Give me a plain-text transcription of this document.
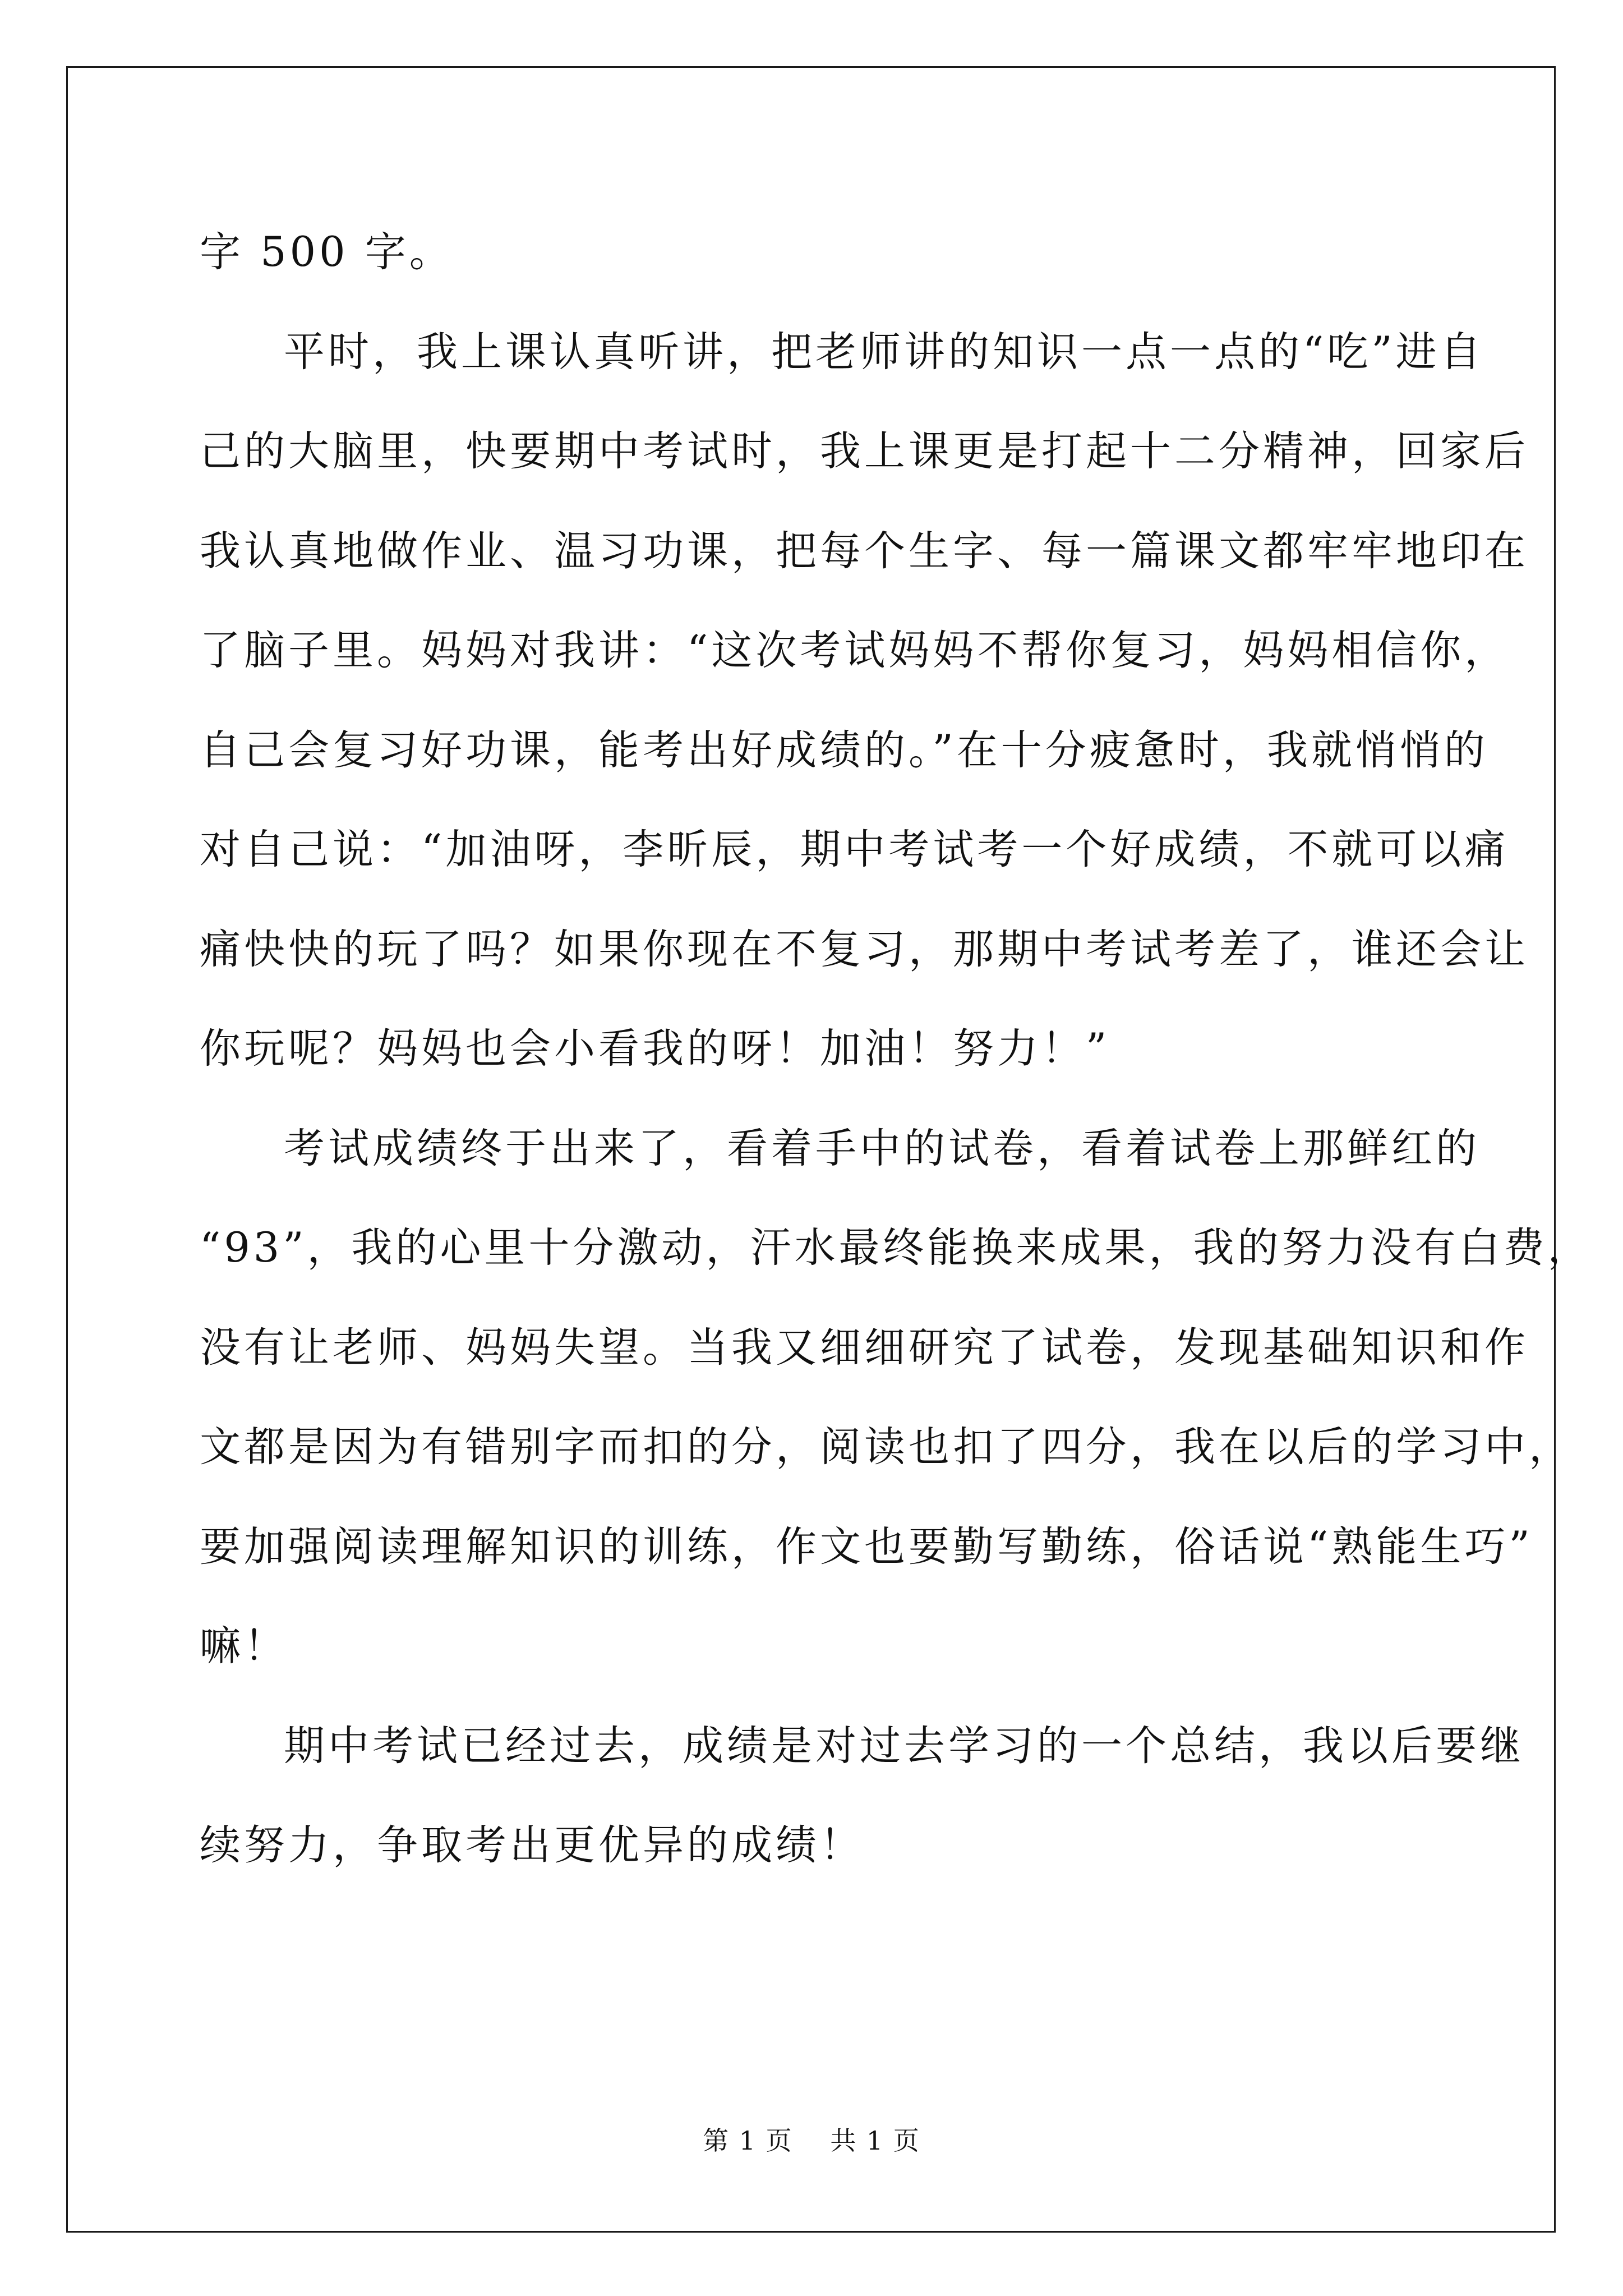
字 500 字。
平时，我上课认真听讲，把老师讲的知识一点一点的“吃”进自
己的大脑里，快要期中考试时，我上课更是打起十二分精神，回家后
我认真地做作业、温习功课，把每个生字、每一篇课文都牢牢地印在
了脑子里。妈妈对我讲：“这次考试妈妈不帮你复习，妈妈相信你，
自己会复习好功课，能考出好成绩的。”在十分疲惫时，我就悄悄的
对自己说：“加油呀，李昕辰，期中考试考一个好成绩，不就可以痛
痛快快的玩了吗？如果你现在不复习，那期中考试考差了，谁还会让
你玩呢？妈妈也会小看我的呀！加油！努力！”
考试成绩终于出来了，看着手中的试卷，看着试卷上那鲜红的
“93”，我的心里十分激动，汗水最终能换来成果，我的努力没有白费，
没有让老师、妈妈失望。当我又细细研究了试卷，发现基础知识和作
文都是因为有错别字而扣的分，阅读也扣了四分，我在以后的学习中，
要加强阅读理解知识的训练，作文也要勤写勤练，俗话说“熟能生巧”
嘛！
期中考试已经过去，成绩是对过去学习的一个总结，我以后要继
续努力，争取考出更优异的成绩！
第 1 页 共 1 页
